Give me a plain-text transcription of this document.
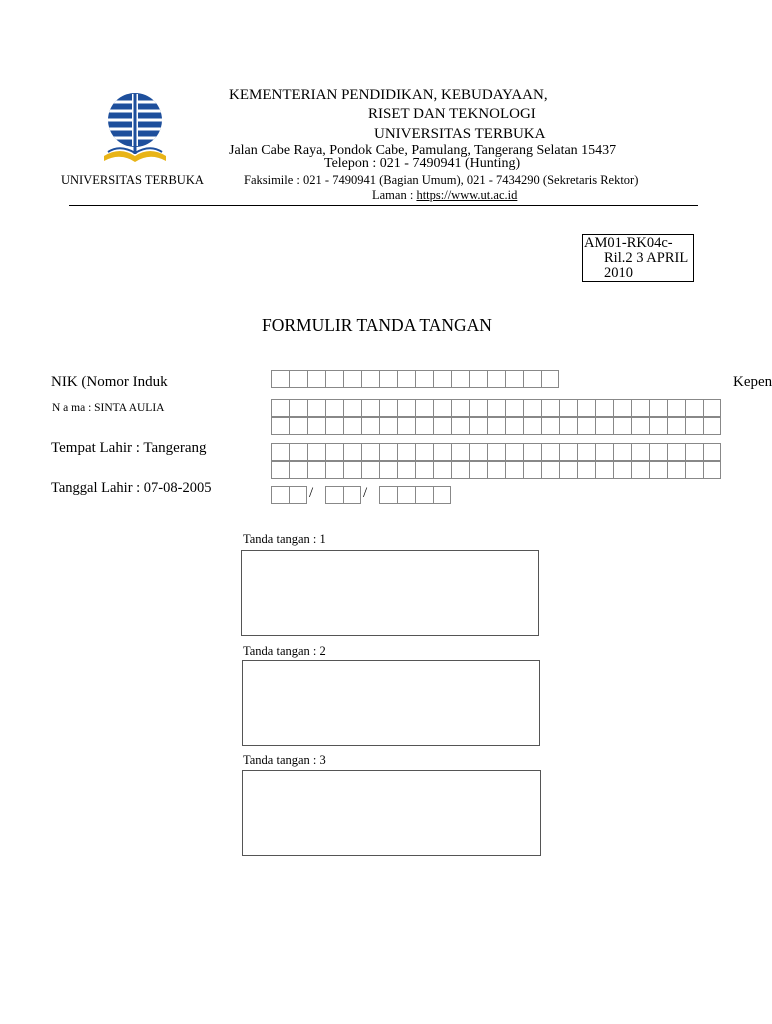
KEMENTERIAN PENDIDIKAN, KEBUDAYAAN,
RISET DAN TEKNOLOGI
UNIVERSITAS TERBUKA
Jalan Cabe Raya, Pondok Cabe, Pamulang, Tangerang Selatan 15437
Telepon : 021 - 7490941 (Hunting)
Faksimile : 021 - 7490941 (Bagian Umum), 021 - 7434290 (Sekretaris Rektor)
Laman : https://www.ut.ac.id
UNIVERSITAS TERBUKA
AM01-RK04c-
Ril.2 3 APRIL
2010
FORMULIR TANDA TANGAN
NIK (Nomor Induk	Kepen
N a ma : SINTA AULIA
Tempat Lahir : Tangerang
Tanggal Lahir : 07-08-2005	/	/
Tanda tangan : 1
Tanda tangan : 2
Tanda tangan : 3
